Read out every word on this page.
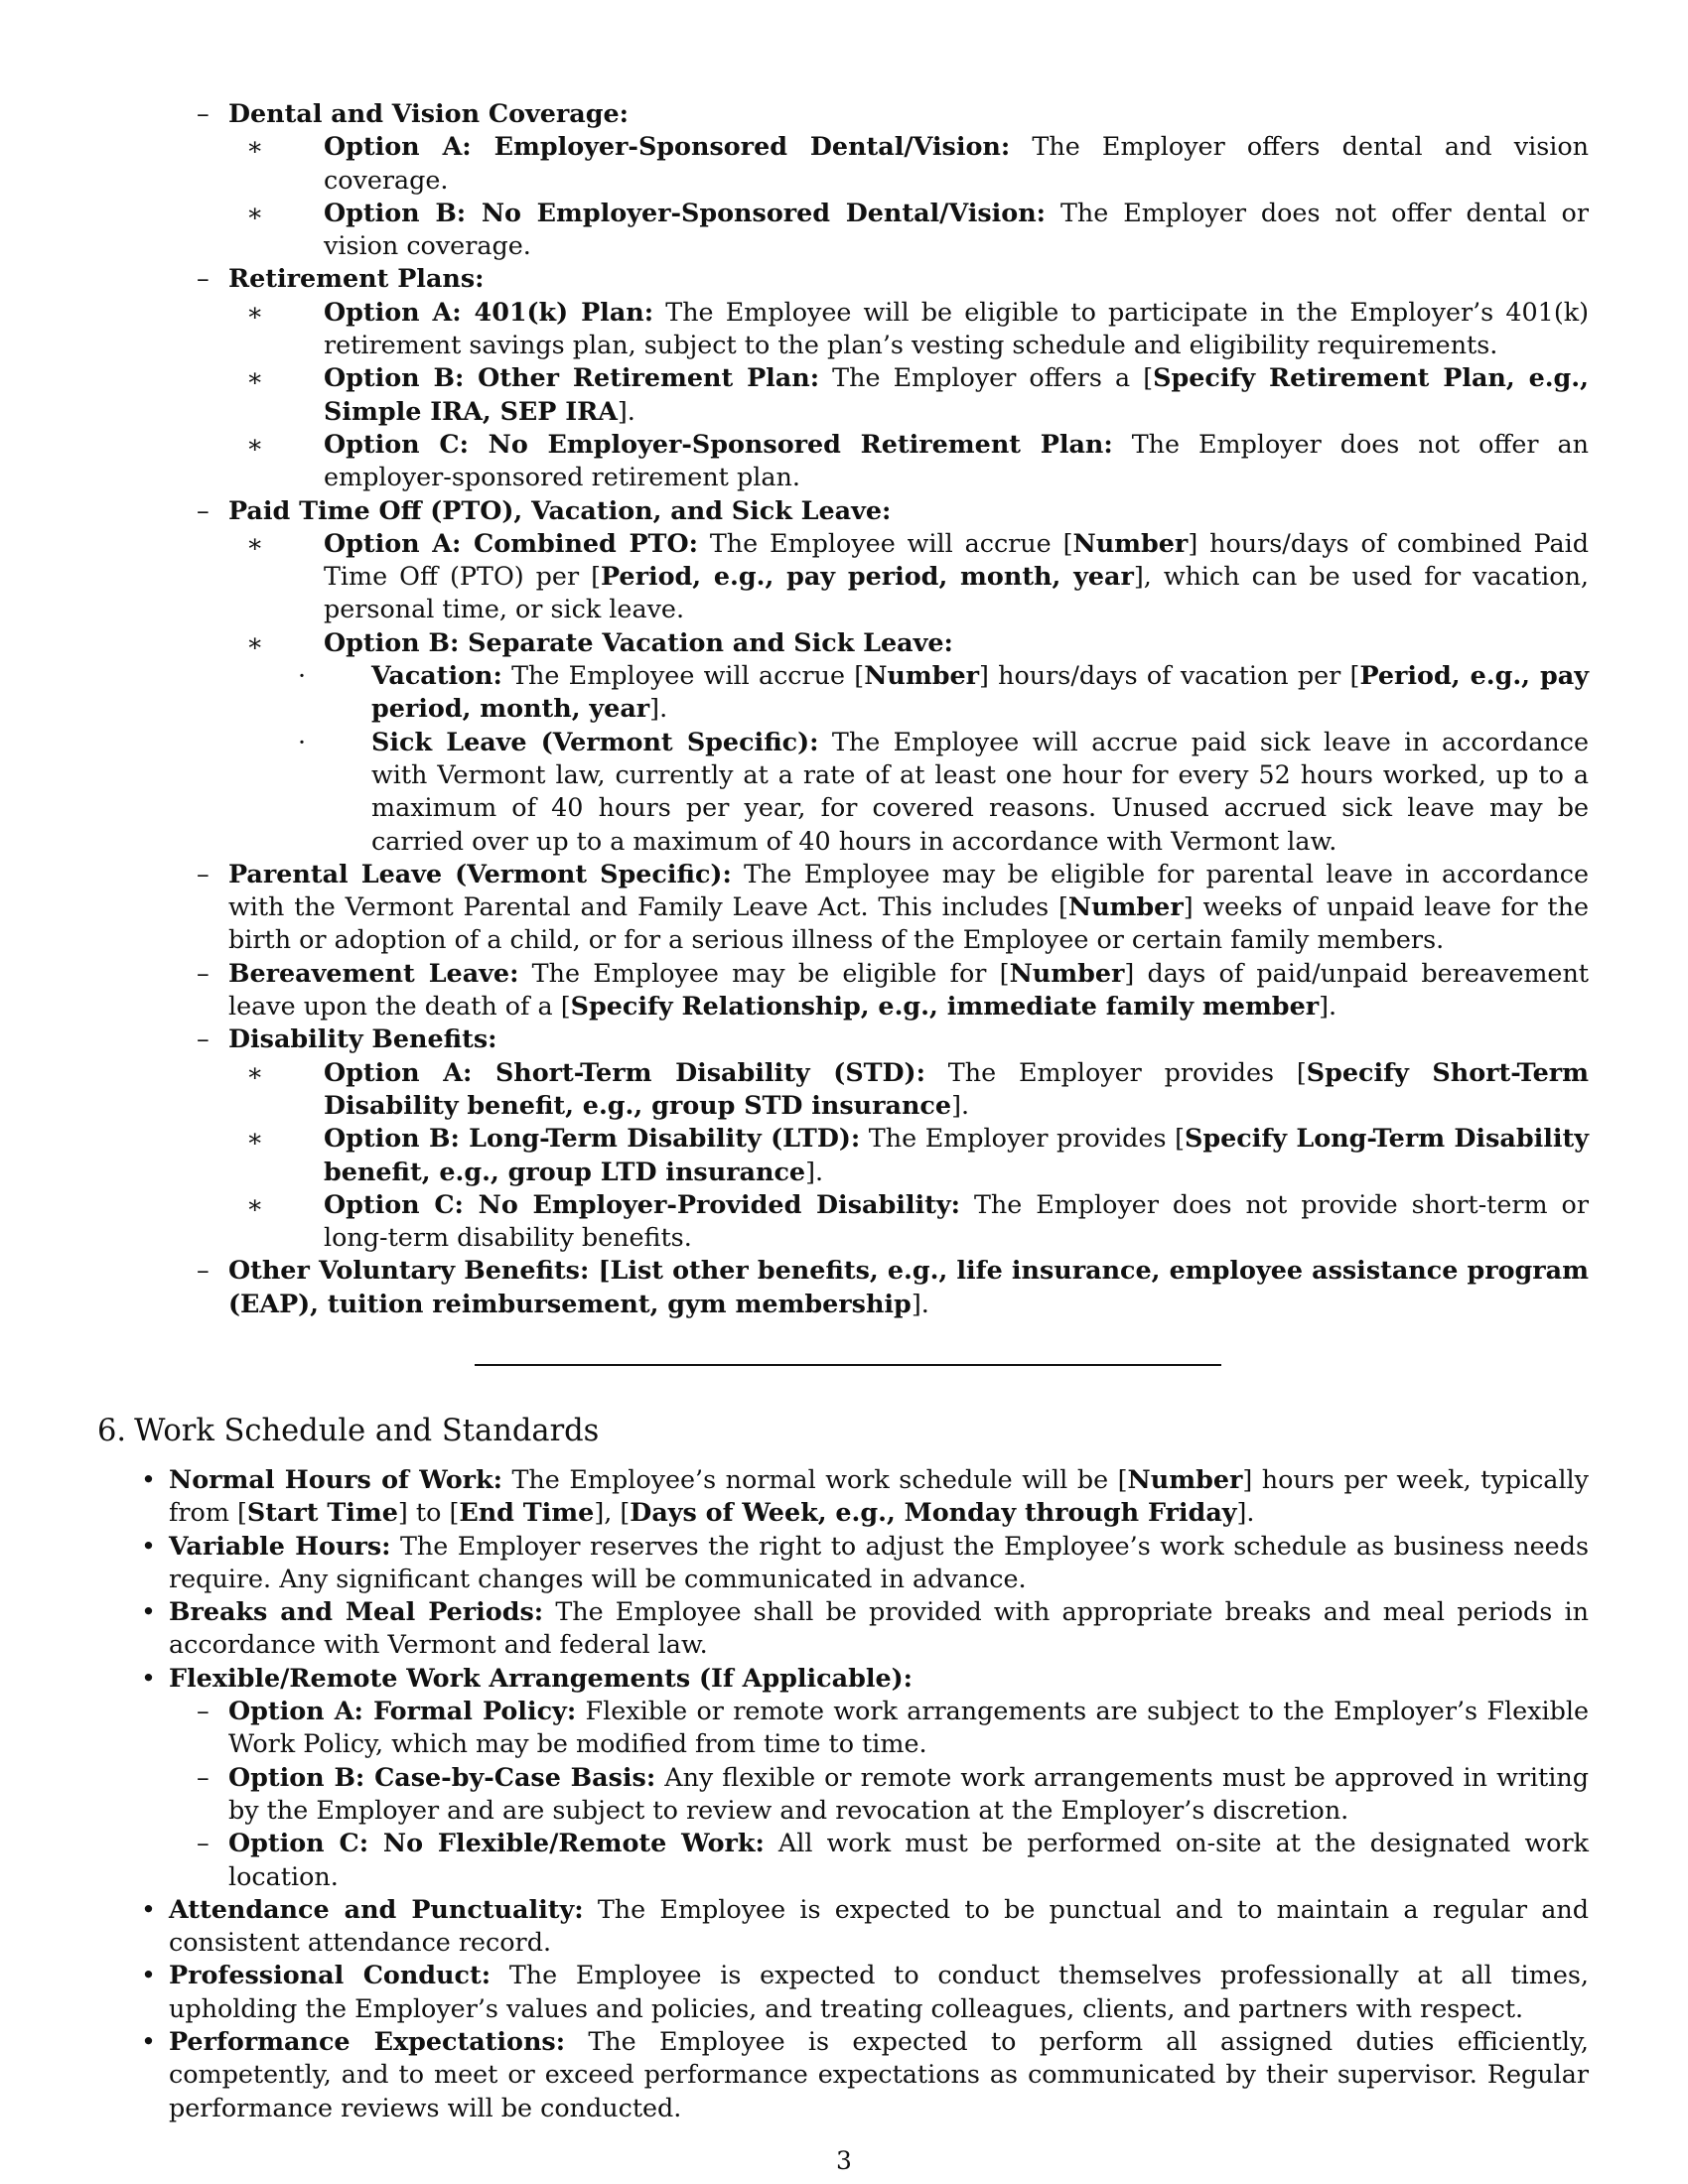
– Dental and Vision Coverage:
∗ Option A: Employer-Sponsored Dental/Vision: The Employer offers dental and vision coverage.
∗ Option B: No Employer-Sponsored Dental/Vision: The Employer does not offer dental or vision coverage.
– Retirement Plans:
∗ Option A: 401(k) Plan: The Employee will be eligible to participate in the Employer’s 401(k) retirement savings plan, subject to the plan’s vesting schedule and eligibility requirements.
∗ Option B: Other Retirement Plan: The Employer offers a [Specify Retirement Plan, e.g., Simple IRA, SEP IRA].
∗ Option C: No Employer-Sponsored Retirement Plan: The Employer does not offer an employer-sponsored retirement plan.
– Paid Time Off (PTO), Vacation, and Sick Leave:
∗ Option A: Combined PTO: The Employee will accrue [Number] hours/days of combined Paid Time Off (PTO) per [Period, e.g., pay period, month, year], which can be used for vacation, personal time, or sick leave.
∗ Option B: Separate Vacation and Sick Leave:
·	Vacation: The Employee will accrue [Number] hours/days of vacation per [Period, e.g., pay period, month, year].
·	Sick Leave (Vermont Specific): The Employee will accrue paid sick leave in accordance with Vermont law, currently at a rate of at least one hour for every 52 hours worked, up to a maximum of 40 hours per year, for covered reasons. Unused accrued sick leave may be carried over up to a maximum of 40 hours in accordance with Vermont law.
– Parental Leave (Vermont Specific): The Employee may be eligible for parental leave in accordance with the Vermont Parental and Family Leave Act. This includes [Number] weeks of unpaid leave for the birth or adoption of a child, or for a serious illness of the Employee or certain family members.
– Bereavement Leave: The Employee may be eligible for [Number] days of paid/unpaid bereavement leave upon the death of a [Specify Relationship, e.g., immediate family member].
– Disability Benefits:
∗ Option A: Short-Term Disability (STD): The Employer provides [Specify Short-Term Disability benefit, e.g., group STD insurance].
∗ Option B: Long-Term Disability (LTD): The Employer provides [Specify Long-Term Disability benefit, e.g., group LTD insurance].
∗ Option C: No Employer-Provided Disability: The Employer does not provide short-term or long-term disability benefits.
– Other Voluntary Benefits: [List other benefits, e.g., life insurance, employee assistance program (EAP), tuition reimbursement, gym membership].
6. Work Schedule and Standards
• Normal Hours of Work: The Employee’s normal work schedule will be [Number] hours per week, typically from [Start Time] to [End Time], [Days of Week, e.g., Monday through Friday].
• Variable Hours: The Employer reserves the right to adjust the Employee’s work schedule as business needs require. Any significant changes will be communicated in advance.
• Breaks and Meal Periods: The Employee shall be provided with appropriate breaks and meal periods in accordance with Vermont and federal law.
• Flexible/Remote Work Arrangements (If Applicable):
– Option A: Formal Policy: Flexible or remote work arrangements are subject to the Employer’s Flexible Work Policy, which may be modified from time to time.
– Option B: Case-by-Case Basis: Any flexible or remote work arrangements must be approved in writing by the Employer and are subject to review and revocation at the Employer’s discretion.
– Option C: No Flexible/Remote Work: All work must be performed on-site at the designated work location.
• Attendance and Punctuality: The Employee is expected to be punctual and to maintain a regular and consistent attendance record.
• Professional Conduct: The Employee is expected to conduct themselves professionally at all times, upholding the Employer’s values and policies, and treating colleagues, clients, and partners with respect.
• Performance Expectations: The Employee is expected to perform all assigned duties efficiently, competently, and to meet or exceed performance expectations as communicated by their supervisor. Regular performance reviews will be conducted.
3
